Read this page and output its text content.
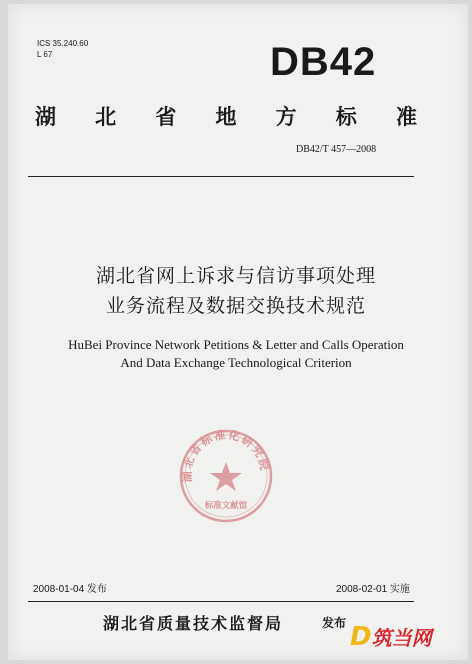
ICS 35.240.60
L 67	DB42
湖 北 省 地 方 标 准
DB42/T 457—2008
湖北省网上诉求与信访事项处理
业务流程及数据交换技术规范
HuBei Province Network Petitions & Letter and Calls Operation
And Data Exchange Technological Criterion
湖北省标准化研究院
标准文献馆
2008-01-04 发布	2008-02-01 实施
湖北省质量技术监督局	发布 D筑当网
